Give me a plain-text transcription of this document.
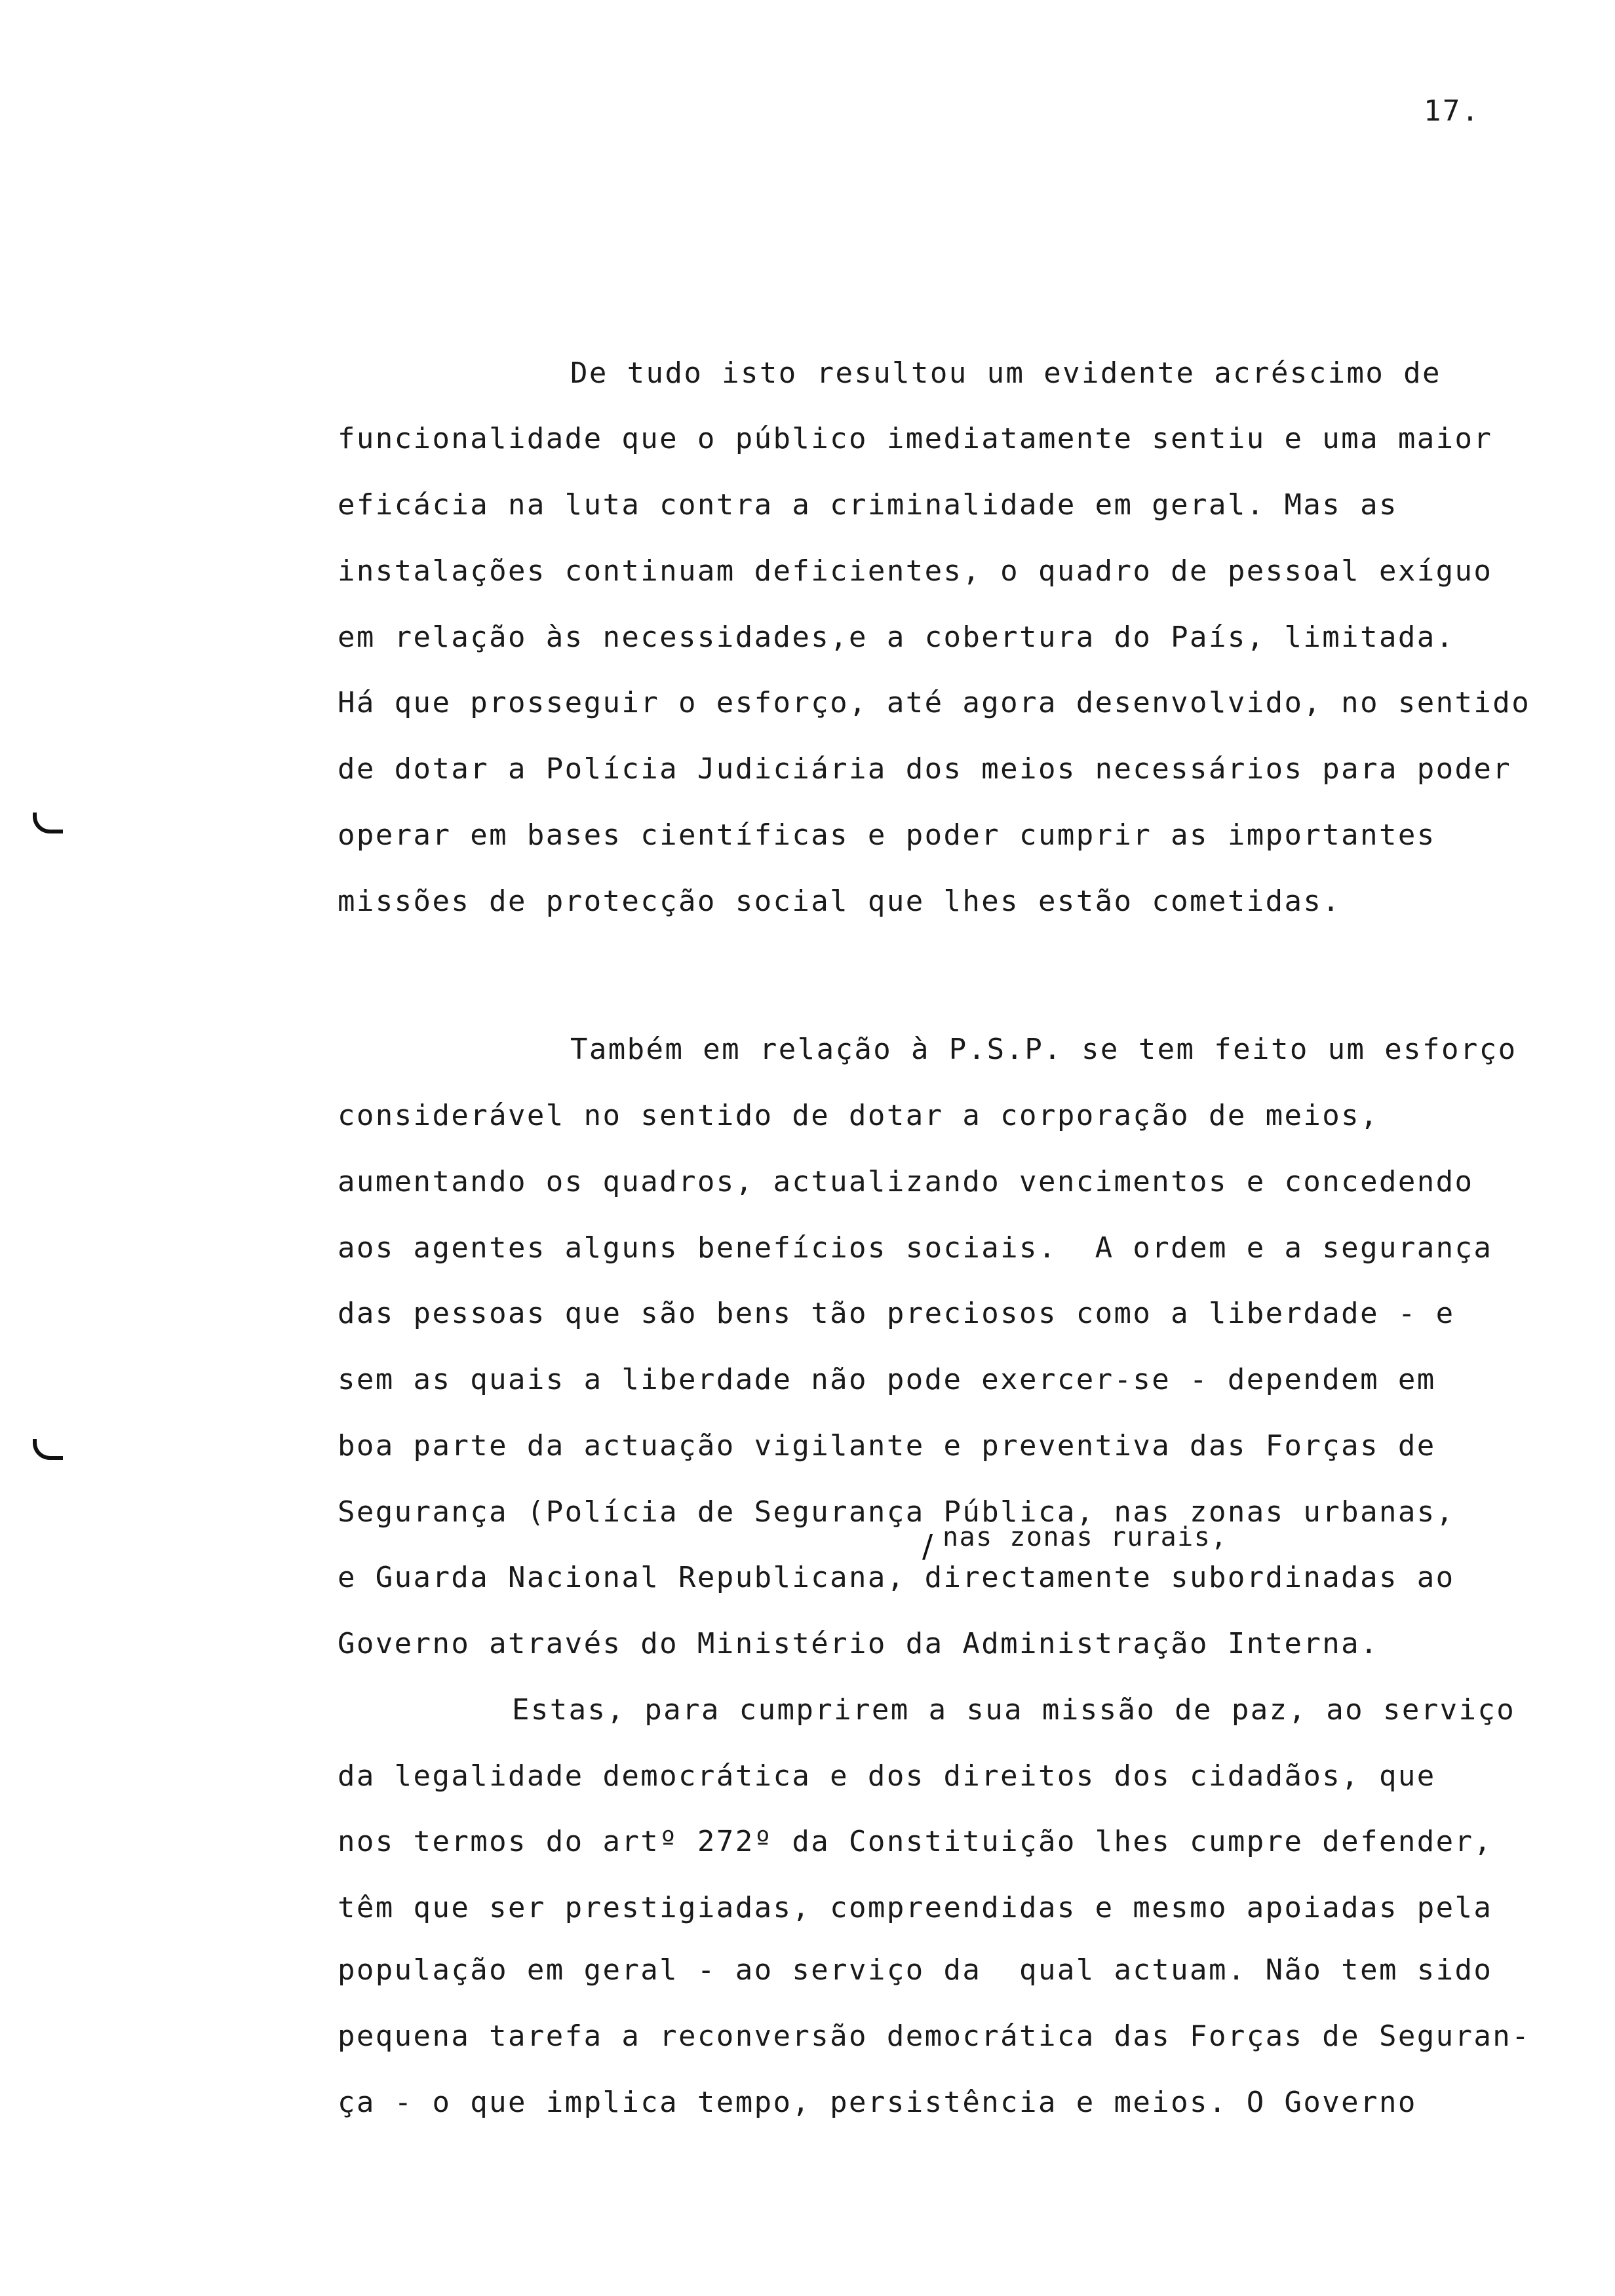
17.
De tudo isto resultou um evidente acréscimo de
funcionalidade que o público imediatamente sentiu e uma maior
eficácia na luta contra a criminalidade em geral. Mas as
instalações continuam deficientes, o quadro de pessoal exíguo
em relação às necessidades,e a cobertura do País, limitada.
Há que prosseguir o esforço, até agora desenvolvido, no sentido
de dotar a Polícia Judiciária dos meios necessários para poder
operar em bases científicas e poder cumprir as importantes
missões de protecção social que lhes estão cometidas.
Também em relação à P.S.P. se tem feito um esforço
considerável no sentido de dotar a corporação de meios,
aumentando os quadros, actualizando vencimentos e concedendo
aos agentes alguns benefícios sociais.  A ordem e a segurança
das pessoas que são bens tão preciosos como a liberdade - e
sem as quais a liberdade não pode exercer-se - dependem em
boa parte da actuação vigilante e preventiva das Forças de
Segurança (Polícia de Segurança Pública, nas zonas urbanas,
nas zonas rurais,
/
e Guarda Nacional Republicana, directamente subordinadas ao
Governo através do Ministério da Administração Interna.
Estas, para cumprirem a sua missão de paz, ao serviço
da legalidade democrática e dos direitos dos cidadãos, que
nos termos do artº 272º da Constituição lhes cumpre defender,
têm que ser prestigiadas, compreendidas e mesmo apoiadas pela
população em geral - ao serviço da  qual actuam. Não tem sido
pequena tarefa a reconversão democrática das Forças de Seguran-
ça - o que implica tempo, persistência e meios. O Governo
